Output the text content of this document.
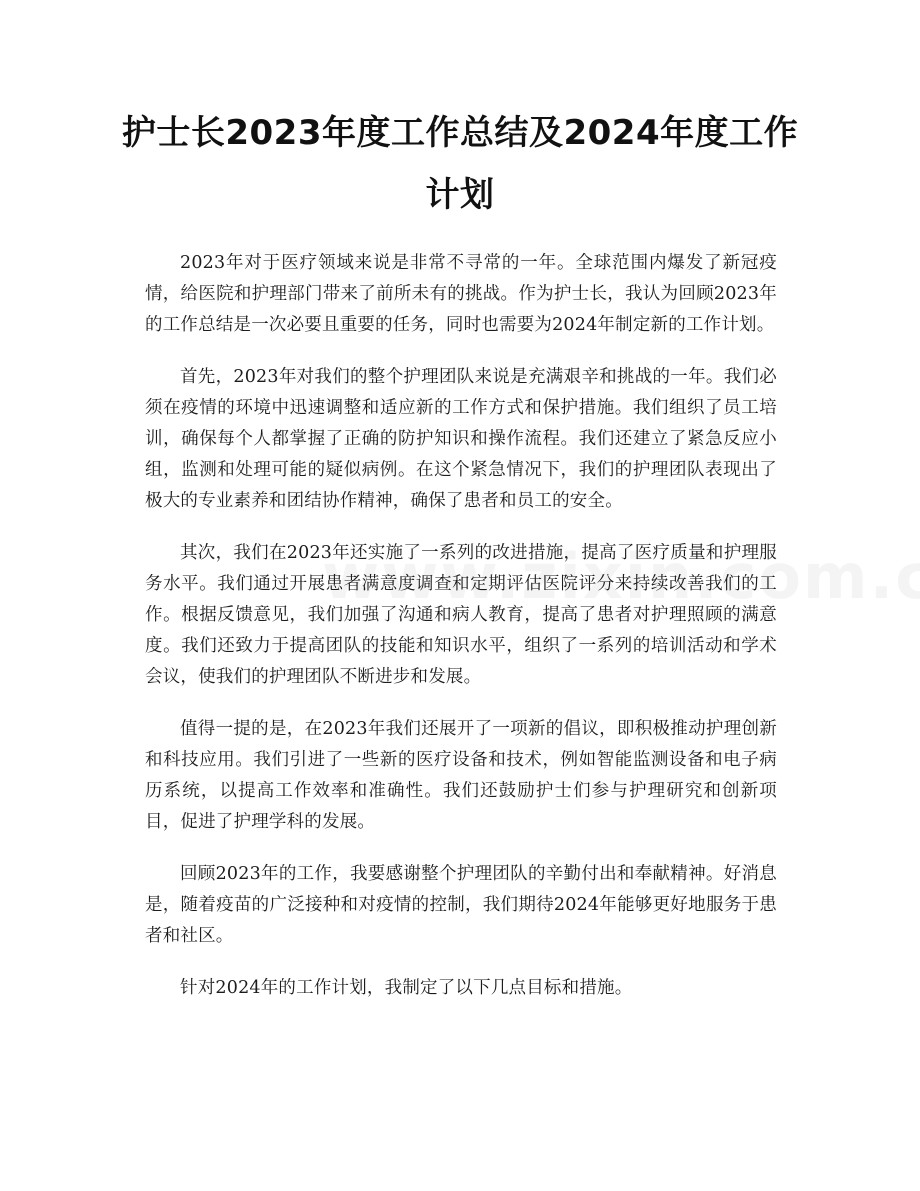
护士长2023年度工作总结及2024年度工作计划

2023年对于医疗领域来说是非常不寻常的一年。全球范围内爆发了新冠疫情，给医院和护理部门带来了前所未有的挑战。作为护士长，我认为回顾2023年的工作总结是一次必要且重要的任务，同时也需要为2024年制定新的工作计划。

首先，2023年对我们的整个护理团队来说是充满艰辛和挑战的一年。我们必须在疫情的环境中迅速调整和适应新的工作方式和保护措施。我们组织了员工培训，确保每个人都掌握了正确的防护知识和操作流程。我们还建立了紧急反应小组，监测和处理可能的疑似病例。在这个紧急情况下，我们的护理团队表现出了极大的专业素养和团结协作精神，确保了患者和员工的安全。

其次，我们在2023年还实施了一系列的改进措施，提高了医疗质量和护理服务水平。我们通过开展患者满意度调查和定期评估医院评分来持续改善我们的工作。根据反馈意见，我们加强了沟通和病人教育，提高了患者对护理照顾的满意度。我们还致力于提高团队的技能和知识水平，组织了一系列的培训活动和学术会议，使我们的护理团队不断进步和发展。

值得一提的是，在2023年我们还展开了一项新的倡议，即积极推动护理创新和科技应用。我们引进了一些新的医疗设备和技术，例如智能监测设备和电子病历系统，以提高工作效率和准确性。我们还鼓励护士们参与护理研究和创新项目，促进了护理学科的发展。

回顾2023年的工作，我要感谢整个护理团队的辛勤付出和奉献精神。好消息是，随着疫苗的广泛接种和对疫情的控制，我们期待2024年能够更好地服务于患者和社区。

针对2024年的工作计划，我制定了以下几点目标和措施。
